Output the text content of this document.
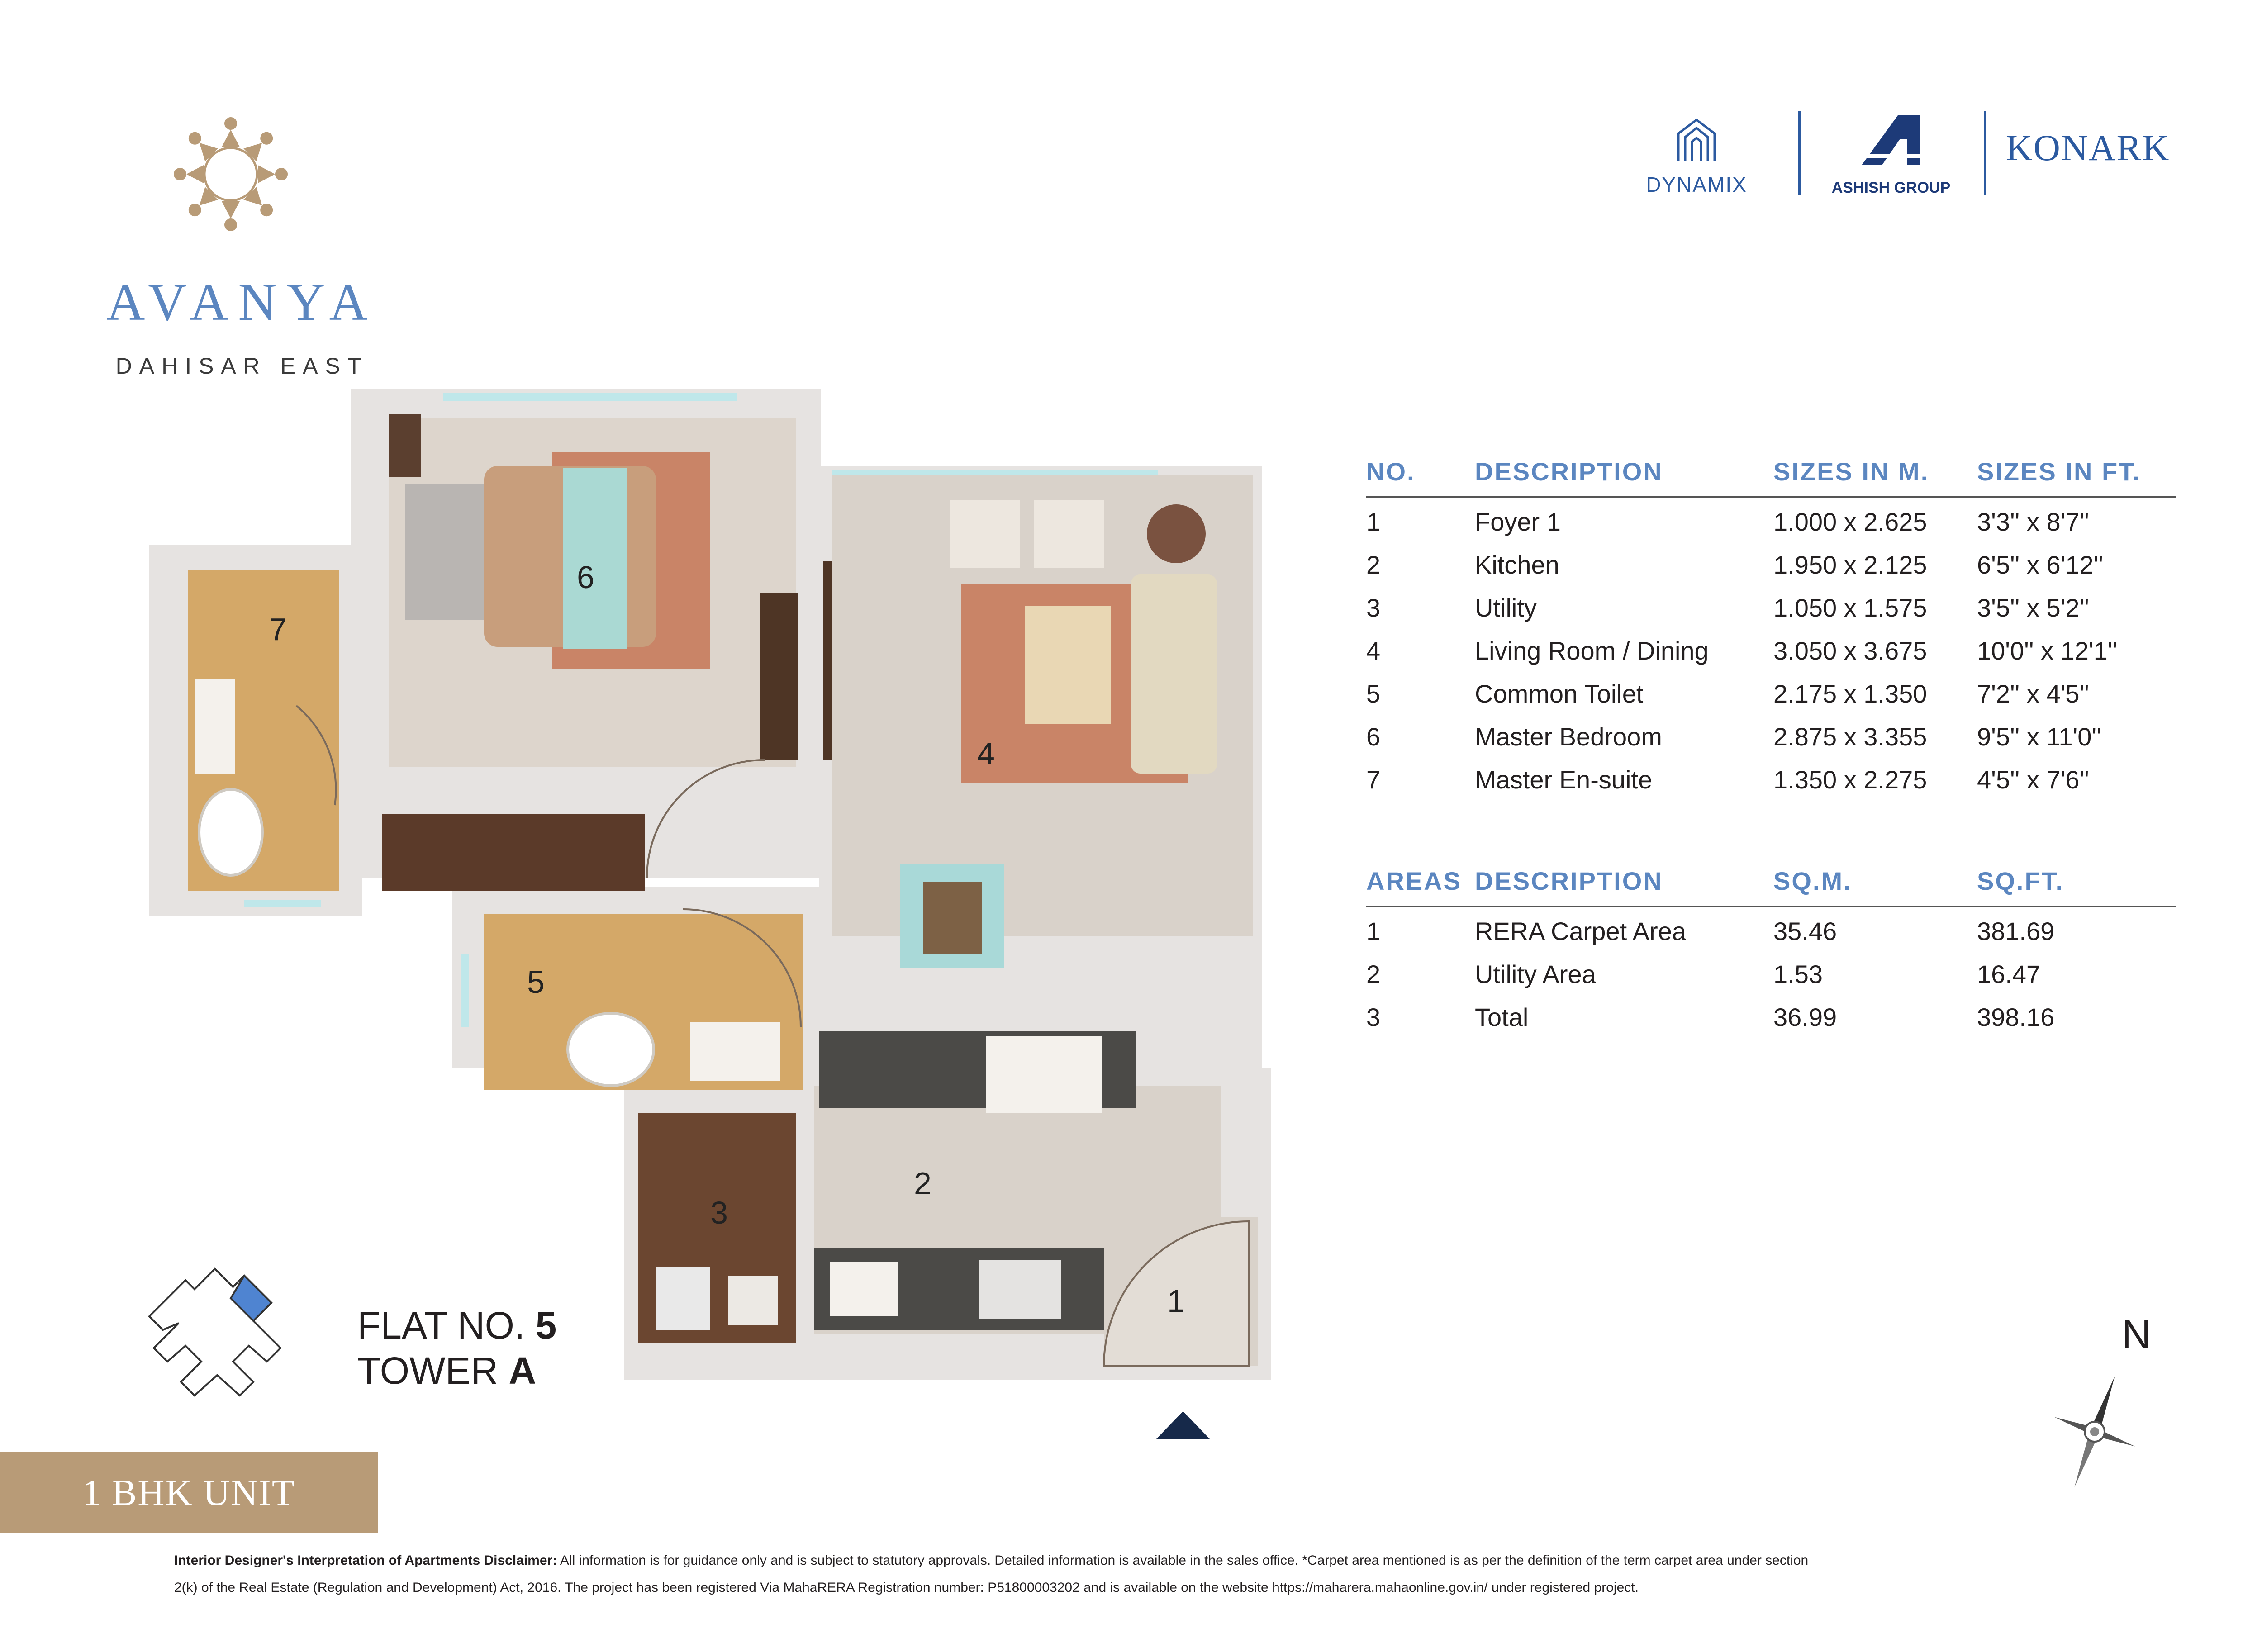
AVANYA
DAHISAR EAST
DYNAMIX	ASHISH GROUP
KONARK
1
2
3
4
5
6
7
FLAT NO. 5
TOWER A
1 BHK UNIT
N
NO.	DESCRIPTION	SIZES IN M.	SIZES IN FT.
1	Foyer 1	1.000 x 2.625	3'3'' x 8'7''
2	Kitchen	1.950 x 2.125	6'5'' x 6'12''
3	Utility	1.050 x 1.575	3'5'' x 5'2''
4	Living Room / Dining	3.050 x 3.675	10'0'' x 12'1''
5	Common Toilet	2.175 x 1.350	7'2'' x 4'5''
6	Master Bedroom	2.875 x 3.355	9'5'' x 11'0''
7	Master En-suite	1.350 x 2.275	4'5'' x 7'6''
AREAS	DESCRIPTION	SQ.M.	SQ.FT.
1	RERA Carpet Area	35.46	381.69
2	Utility Area	1.53	16.47
3	Total	36.99	398.16
Interior Designer's Interpretation of Apartments Disclaimer: All information is for guidance only and is subject to statutory approvals. Detailed information is available in the sales office. *Carpet area mentioned is as per the definition of the term carpet area under section
2(k) of the Real Estate (Regulation and Development) Act, 2016. The project has been registered Via MahaRERA Registration number: P51800003202 and is available on the website https://maharera.mahaonline.gov.in/ under registered project.
